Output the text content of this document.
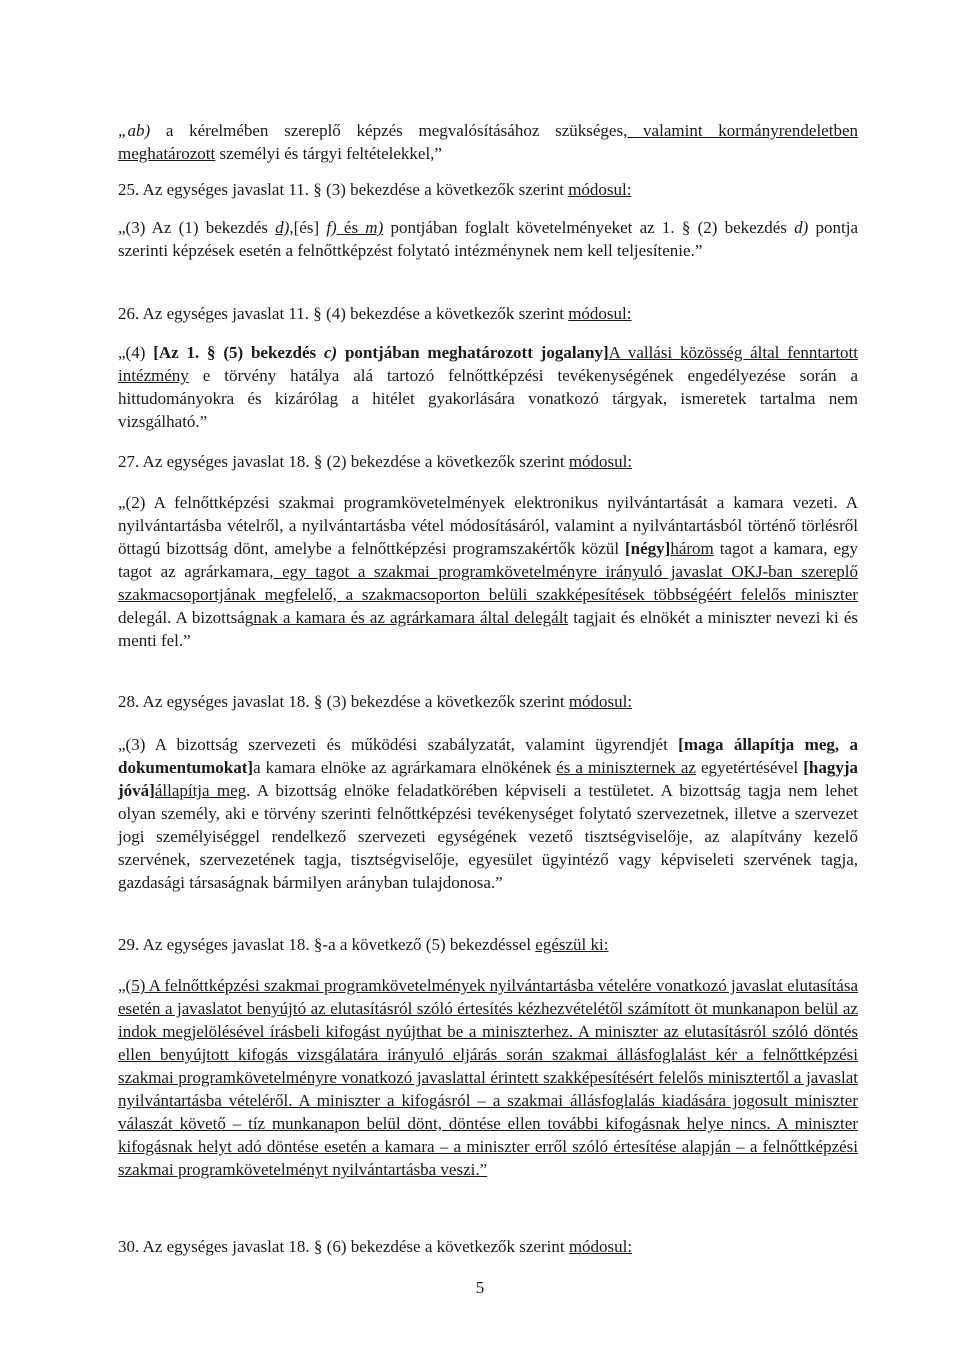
„ab) a kérelmében szereplő képzés megvalósításához szükséges, valamint kormányrendeletben meghatározott személyi és tárgyi feltételekkel,”

25. Az egységes javaslat 11. § (3) bekezdése a következők szerint módosul:

„(3) Az (1) bekezdés d),[és] f) és m) pontjában foglalt követelményeket az 1. § (2) bekezdés d) pontja szerinti képzések esetén a felnőttképzést folytató intézménynek nem kell teljesítenie.”

26. Az egységes javaslat 11. § (4) bekezdése a következők szerint módosul:

„(4) [Az 1. § (5) bekezdés c) pontjában meghatározott jogalany]A vallási közösség által fenntartott intézmény e törvény hatálya alá tartozó felnőttképzési tevékenységének engedélyezése során a hittudományokra és kizárólag a hitélet gyakorlására vonatkozó tárgyak, ismeretek tartalma nem vizsgálható.”

27. Az egységes javaslat 18. § (2) bekezdése a következők szerint módosul:

„(2) A felnőttképzési szakmai programkövetelmények elektronikus nyilvántartását a kamara vezeti. A nyilvántartásba vételről, a nyilvántartásba vétel módosításáról, valamint a nyilvántartásból történő törlésről öttagú bizottság dönt, amelybe a felnőttképzési programszakértők közül [négy]három tagot a kamara, egy tagot az agrárkamara, egy tagot a szakmai programkövetelményre irányuló javaslat OKJ-ban szereplő szakmacsoportjának megfelelő, a szakmacsoporton belüli szakképesítések többségéért felelős miniszter delegál. A bizottságnak a kamara és az agrárkamara által delegált tagjait és elnökét a miniszter nevezi ki és menti fel.”

28. Az egységes javaslat 18. § (3) bekezdése a következők szerint módosul:

„(3) A bizottság szervezeti és működési szabályzatát, valamint ügyrendjét [maga állapítja meg, a dokumentumokat]a kamara elnöke az agrárkamara elnökének és a miniszternek az egyetértésével [hagyja jóvá]állapítja meg. A bizottság elnöke feladatkörében képviseli a testületet. A bizottság tagja nem lehet olyan személy, aki e törvény szerinti felnőttképzési tevékenységet folytató szervezetnek, illetve a szervezet jogi személyiséggel rendelkező szervezeti egységének vezető tisztségviselője, az alapítvány kezelő szervének, szervezetének tagja, tisztségviselője, egyesület ügyintéző vagy képviseleti szervének tagja, gazdasági társaságnak bármilyen arányban tulajdonosa.”

29. Az egységes javaslat 18. §-a a következő (5) bekezdéssel egészül ki:

„(5) A felnőttképzési szakmai programkövetelmények nyilvántartásba vételére vonatkozó javaslat elutasítása esetén a javaslatot benyújtó az elutasításról szóló értesítés kézhezvételétől számított öt munkanapon belül az indok megjelölésével írásbeli kifogást nyújthat be a miniszterhez. A miniszter az elutasításról szóló döntés ellen benyújtott kifogás vizsgálatára irányuló eljárás során szakmai állásfoglalást kér a felnőttképzési szakmai programkövetelményre vonatkozó javaslattal érintett szakképesítésért felelős minisztertől a javaslat nyilvántartásba vételéről. A miniszter a kifogásról – a szakmai állásfoglalás kiadására jogosult miniszter válaszát követő – tíz munkanapon belül dönt, döntése ellen további kifogásnak helye nincs. A miniszter kifogásnak helyt adó döntése esetén a kamara – a miniszter erről szóló értesítése alapján – a felnőttképzési szakmai programkövetelményt nyilvántartásba veszi.”

30. Az egységes javaslat 18. § (6) bekezdése a következők szerint módosul:

5
